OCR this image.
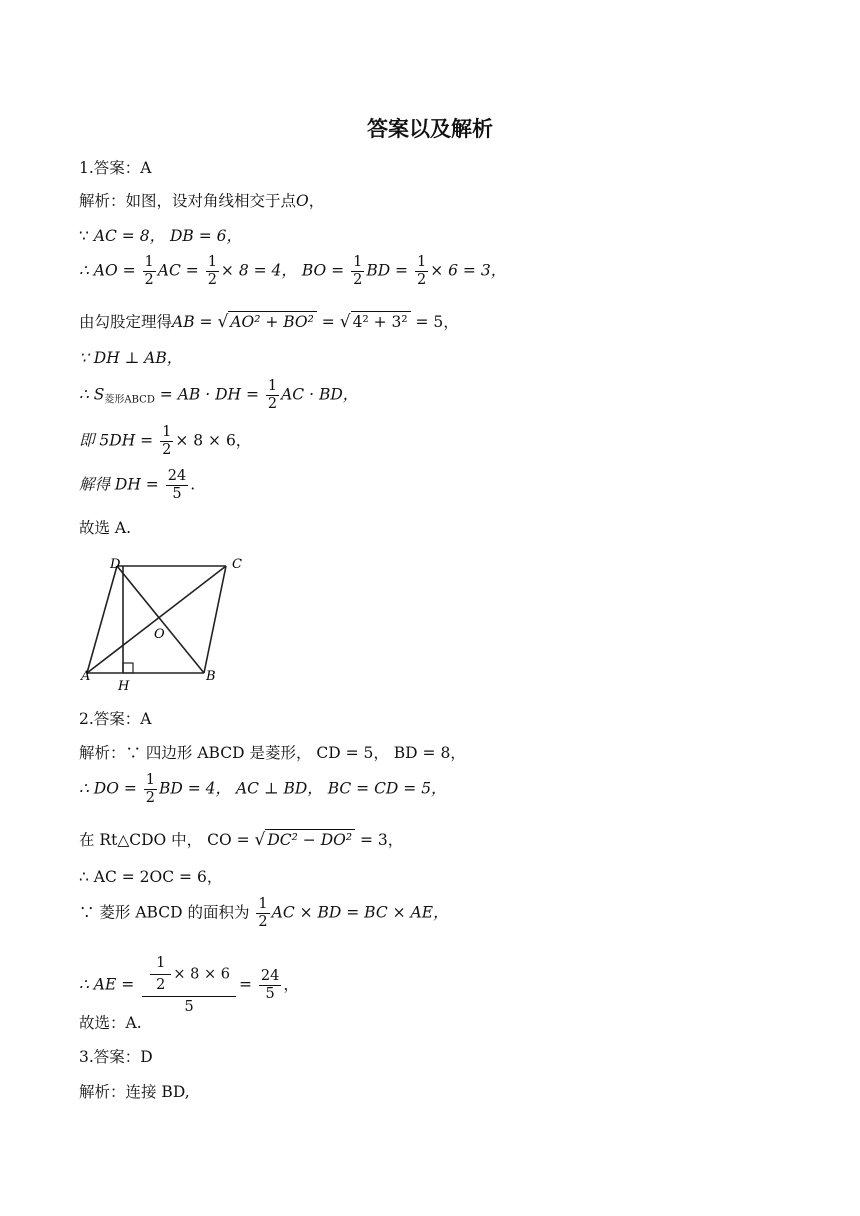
答案以及解析
1.答案：A
解析：如图，设对角线相交于点O，
∵ AC = 8， DB = 6，
∴ AO = $\frac{1}{2}$ AC = $\frac{1}{2} \times 8 = 4$， BO = $\frac{1}{2}$ BD = $\frac{1}{2} \times 6 = 3$，
由勾股定理得AB = √ AO² + BO² = √ 4² + 3² = 5，
∵ DH ⊥ AB，
∴ $S_{菱形ABCD}$ = AB · DH = $\frac{1}{2}$ AC · BD，
即 $5DH = \frac{1}{2} \times 8 \times 6$，
解得 DH = $\frac{24}{5}$ .
故选 A.
D	C
O
A
H
B
2.答案：A
解析：∵ 四边形 ABCD 是菱形， CD = 5， BD = 8，
∴ DO = $\frac{1}{2}$ BD = 4， AC ⊥ BD， BC = CD = 5，
在 Rt△CDO 中， CO = √ DC² − DO² = 3，
∴ AC = 2OC = 6，
∵ 菱形 ABCD 的面积为 $\frac{1}{2}$ AC × BD = BC × AE，
∴ AE = $\frac{\frac{1}{2} \times 8 \times 6}{5} = \frac{24}{5}$ ，
故选：A.
3.答案：D
解析：连接 BD,
